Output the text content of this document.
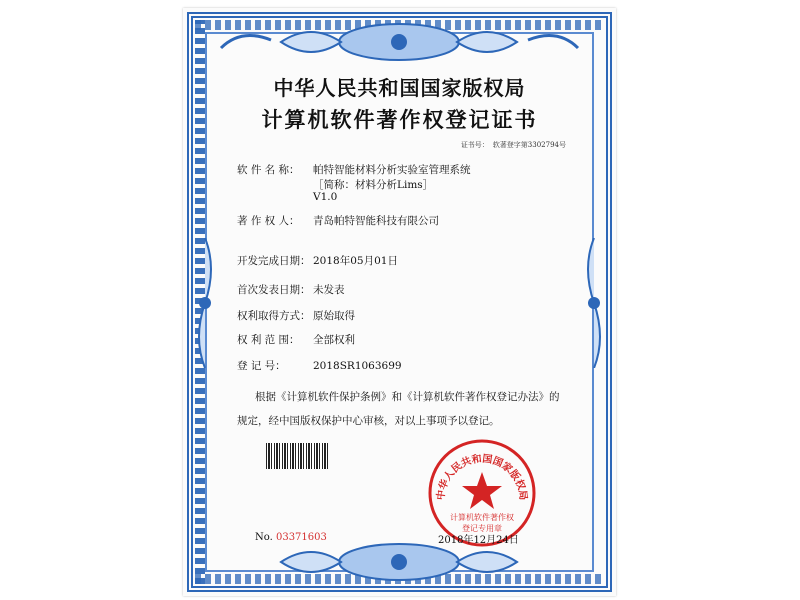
中华人民共和国国家版权局
计算机软件著作权登记证书
证书号： 软著登字第3302794号
软 件 名 称： 帕特智能材料分析实验室管理系统
［简称：材料分析Lims］
V1.0
著 作 权 人： 青岛帕特智能科技有限公司
开发完成日期： 2018年05月01日
首次发表日期： 未发表
权利取得方式： 原始取得
权 利 范 围： 全部权利
登 记 号：	2018SR1063699
根据《计算机软件保护条例》和《计算机软件著作权登记办法》的
规定，经中国版权保护中心审核，对以上事项予以登记。
中华人民共和国国家版权局
计算机软件著作权
登记专用章
No. 03371603	2018年12月24日
